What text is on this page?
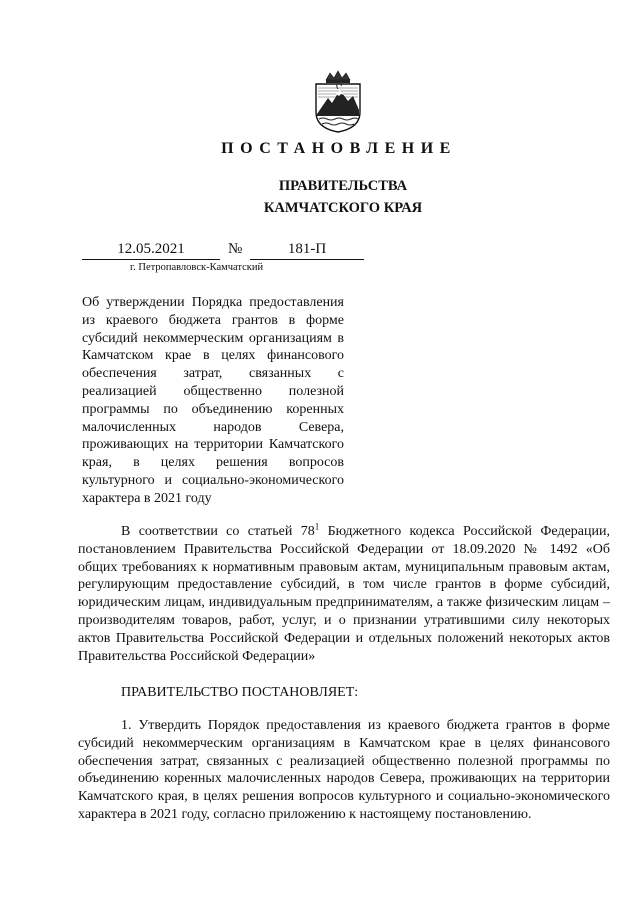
ПОСТАНОВЛЕНИЕ
ПРАВИТЕЛЬСТВА
КАМЧАТСКОГО КРАЯ
12.05.2021	№	181-П
г. Петропавловск-Камчатский
Об утверждении Порядка предоставления из краевого бюджета грантов в форме субсидий некоммерческим организациям в Камчатском крае в целях финансового обеспечения затрат, связанных с реализацией общественно полезной программы по объединению коренных малочисленных народов Севера, проживающих на территории Камчатского края, в целях решения вопросов культурного и социально-экономического характера в 2021 году
В соответствии со статьей $78^1$ Бюджетного кодекса Российской Федерации, постановлением Правительства Российской Федерации от 18.09.2020 № 1492 «Об общих требованиях к нормативным правовым актам, муниципальным правовым актам, регулирующим предоставление субсидий, в том числе грантов в форме субсидий, юридическим лицам, индивидуальным предпринимателям, а также физическим лицам – производителям товаров, работ, услуг, и о признании утратившими силу некоторых актов Правительства Российской Федерации и отдельных положений некоторых актов Правительства Российской Федерации»
ПРАВИТЕЛЬСТВО ПОСТАНОВЛЯЕТ:
1. Утвердить Порядок предоставления из краевого бюджета грантов в форме субсидий некоммерческим организациям в Камчатском крае в целях финансового обеспечения затрат, связанных с реализацией общественно полезной программы по объединению коренных малочисленных народов Севера, проживающих на территории Камчатского края, в целях решения вопросов культурного и социально-экономического характера в 2021 году, согласно приложению к настоящему постановлению.
